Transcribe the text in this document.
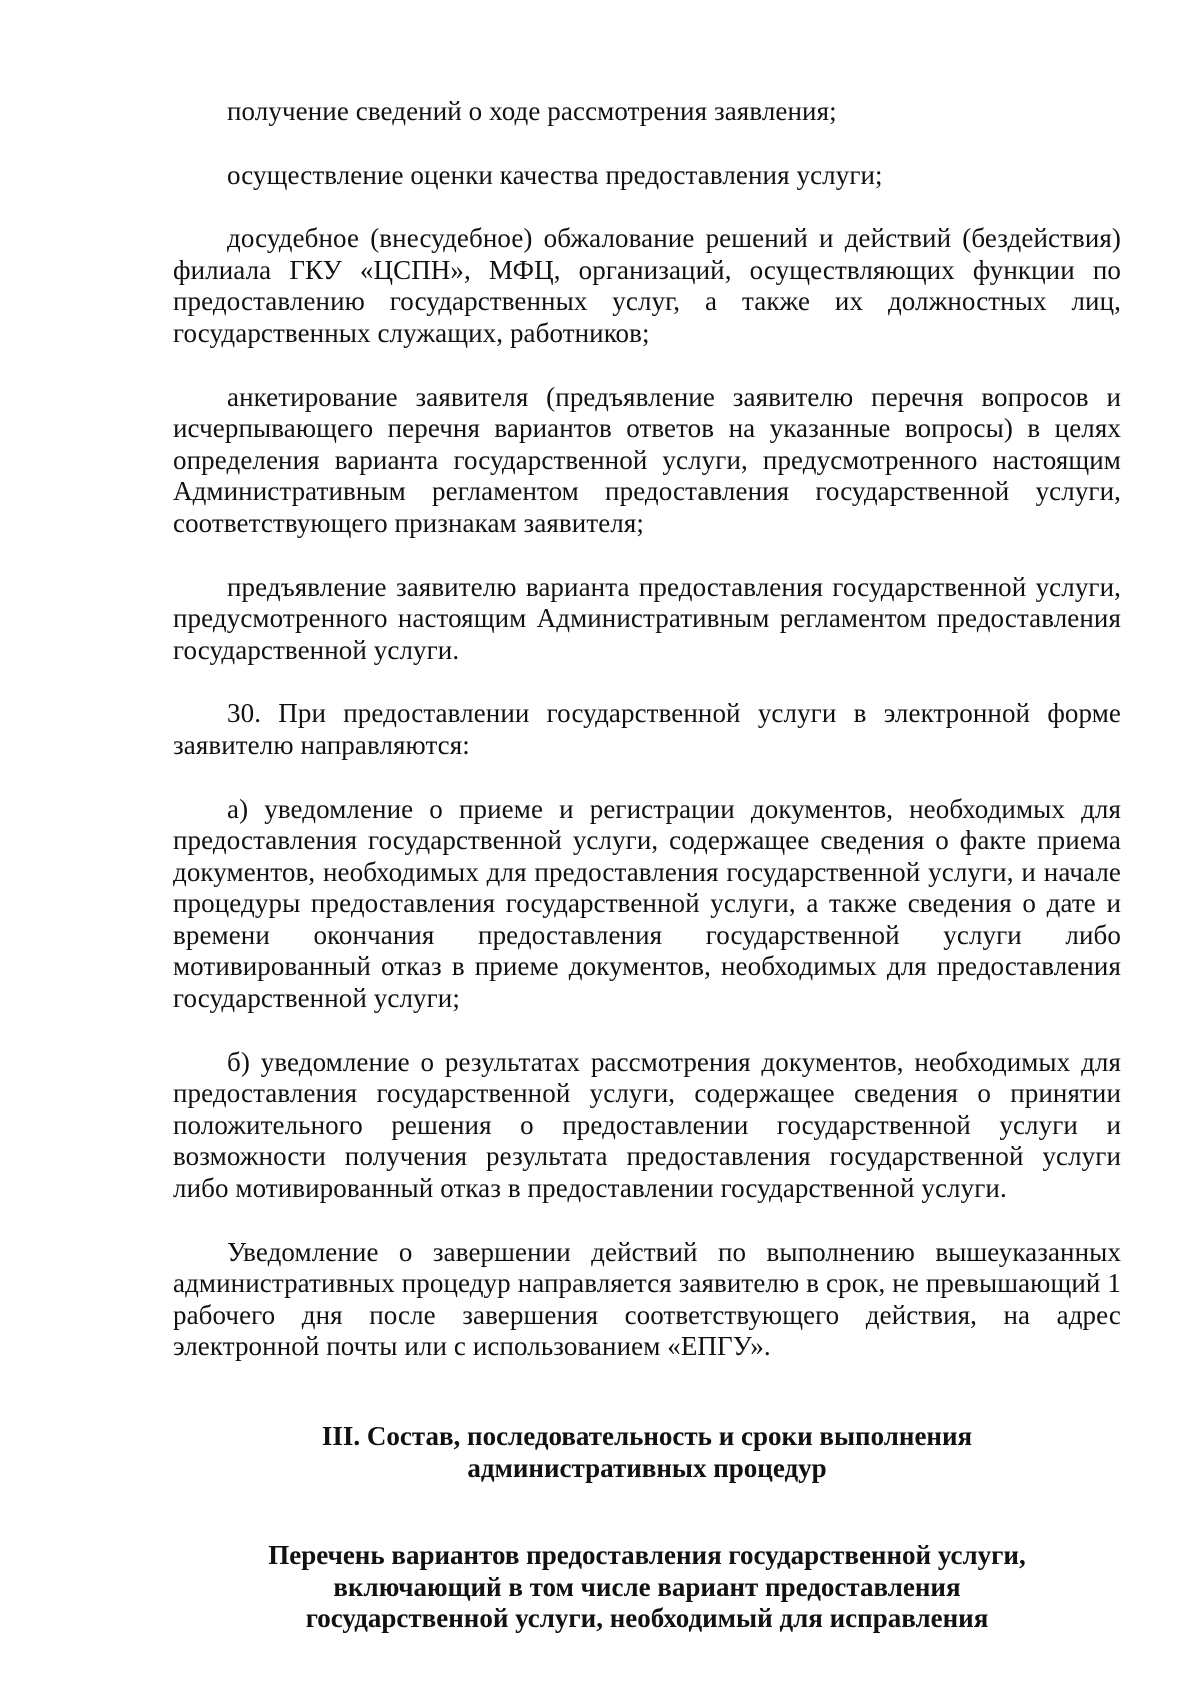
получение сведений о ходе рассмотрения заявления;

осуществление оценки качества предоставления услуги;

досудебное (внесудебное) обжалование решений и действий (бездействия) филиала ГКУ «ЦСПН», МФЦ, организаций, осуществляющих функции по предоставлению государственных услуг, а также их должностных лиц, государственных служащих, работников;

анкетирование заявителя (предъявление заявителю перечня вопросов и исчерпывающего перечня вариантов ответов на указанные вопросы) в целях определения варианта государственной услуги, предусмотренного настоящим Административным регламентом предоставления государственной услуги, соответствующего признакам заявителя;

предъявление заявителю варианта предоставления государственной услуги, предусмотренного настоящим Административным регламентом предоставления государственной услуги.

30. При предоставлении государственной услуги в электронной форме заявителю направляются:

а) уведомление о приеме и регистрации документов, необходимых для предоставления государственной услуги, содержащее сведения о факте приема документов, необходимых для предоставления государственной услуги, и начале процедуры предоставления государственной услуги, а также сведения о дате и времени окончания предоставления государственной услуги либо мотивированный отказ в приеме документов, необходимых для предоставления государственной услуги;

б) уведомление о результатах рассмотрения документов, необходимых для предоставления государственной услуги, содержащее сведения о принятии положительного решения о предоставлении государственной услуги и возможности получения результата предоставления государственной услуги либо мотивированный отказ в предоставлении государственной услуги.

Уведомление о завершении действий по выполнению вышеуказанных административных процедур направляется заявителю в срок, не превышающий 1 рабочего дня после завершения соответствующего действия, на адрес электронной почты или с использованием «ЕПГУ».

III. Состав, последовательность и сроки выполнения
административных процедур
Перечень вариантов предоставления государственной услуги,
включающий в том числе вариант предоставления
государственной услуги, необходимый для исправления
